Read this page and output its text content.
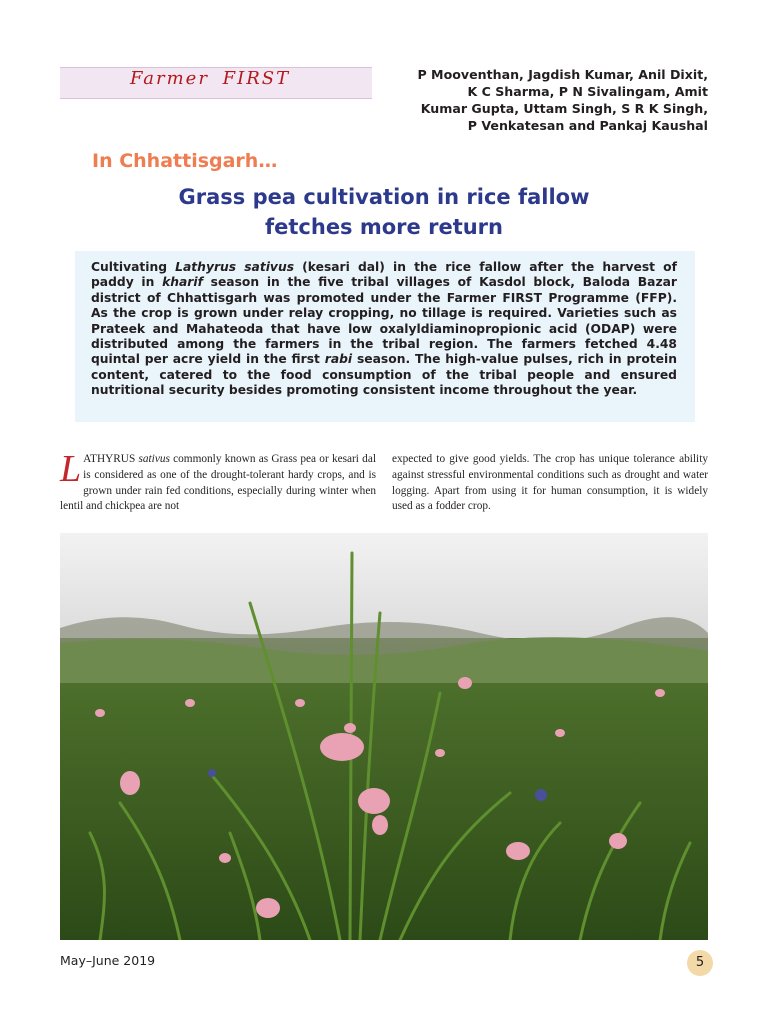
Farmer FIRST	P Mooventhan, Jagdish Kumar, Anil Dixit,
K C Sharma, P N Sivalingam, Amit
Kumar Gupta, Uttam Singh, S R K Singh,
P Venkatesan and Pankaj Kaushal
In Chhattisgarh…
Grass pea cultivation in rice fallow
fetches more return

Cultivating Lathyrus sativus (kesari dal) in the rice fallow after the harvest of paddy in kharif season in the five tribal villages of Kasdol block, Baloda Bazar district of Chhattisgarh was promoted under the Farmer FIRST Programme (FFP). As the crop is grown under relay cropping, no tillage is required. Varieties such as Prateek and Mahateoda that have low oxalyldiaminopropionic acid (ODAP) were distributed among the farmers in the tribal region. The farmers fetched 4.48 quintal per acre yield in the first rabi season. The high-value pulses, rich in protein content, catered to the food consumption of the tribal people and ensured nutritional security besides promoting consistent income throughout the year.

LATHYRUS sativus commonly known as Grass pea or kesari dal is considered as one of the drought-tolerant hardy crops, and is grown under rain fed conditions, especially during winter when lentil and chickpea are not

expected to give good yields. The crop has unique tolerance ability against stressful environmental conditions such as drought and water logging. Apart from using it for human consumption, it is widely used as a fodder crop.

May–June 2019	5
